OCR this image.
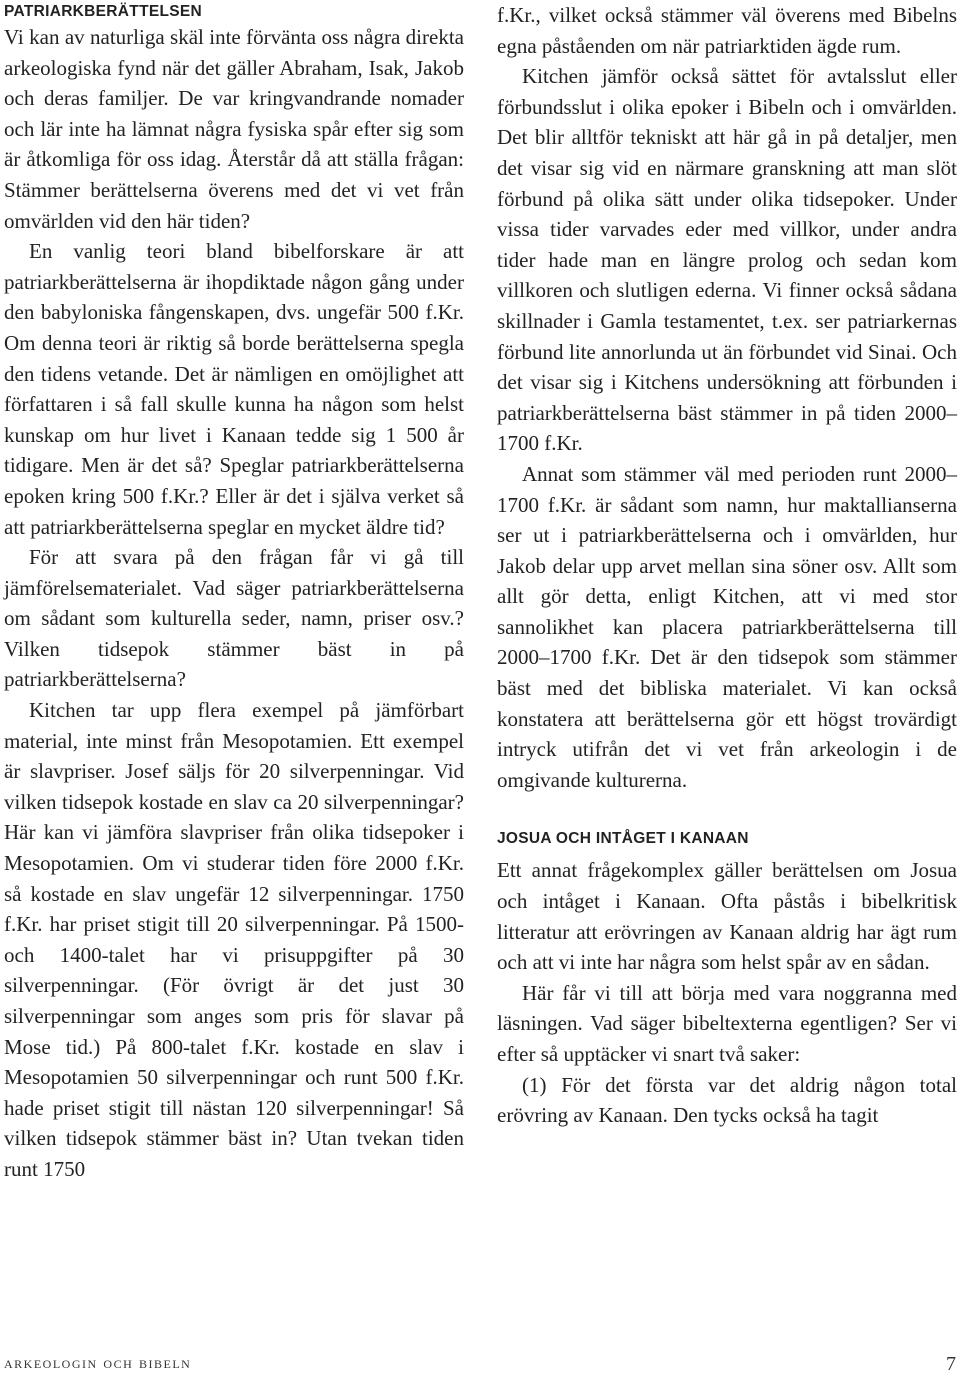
PATRIARKBERÄTTELSEN

Vi kan av naturliga skäl inte förvänta oss några direkta arkeologiska fynd när det gäller Abraham, Isak, Jakob och deras familjer. De var kringvandrande nomader och lär inte ha lämnat några fysiska spår efter sig som är åtkomliga för oss idag. Återstår då att ställa frågan: Stämmer berättelserna överens med det vi vet från omvärlden vid den här tiden?

En vanlig teori bland bibelforskare är att patriarkberättelserna är ihopdiktade någon gång under den babyloniska fångenskapen, dvs. ungefär 500 f.Kr. Om denna teori är riktig så borde berättelserna spegla den tidens vetande. Det är nämligen en omöjlighet att författaren i så fall skulle kunna ha någon som helst kunskap om hur livet i Kanaan tedde sig 1 500 år tidigare. Men är det så? Speglar patriarkberättelserna epoken kring 500 f.Kr.? Eller är det i själva verket så att patriarkberättelserna speglar en mycket äldre tid?

För att svara på den frågan får vi gå till jämförelsematerialet. Vad säger patriarkberättelserna om sådant som kulturella seder, namn, priser osv.? Vilken tidsepok stämmer bäst in på patriarkberättelserna?

Kitchen tar upp flera exempel på jämförbart material, inte minst från Mesopotamien. Ett exempel är slavpriser. Josef säljs för 20 silverpenningar. Vid vilken tidsepok kostade en slav ca 20 silverpenningar? Här kan vi jämföra slavpriser från olika tidsepoker i Mesopotamien. Om vi studerar tiden före 2000 f.Kr. så kostade en slav ungefär 12 silverpenningar. 1750 f.Kr. har priset stigit till 20 silverpenningar. På 1500- och 1400-talet har vi prisuppgifter på 30 silverpenningar. (För övrigt är det just 30 silverpenningar som anges som pris för slavar på Mose tid.) På 800-talet f.Kr. kostade en slav i Mesopotamien 50 silverpenningar och runt 500 f.Kr. hade priset stigit till nästan 120 silverpenningar! Så vilken tidsepok stämmer bäst in? Utan tvekan tiden runt 1750

f.Kr., vilket också stämmer väl överens med Bibelns egna påståenden om när patriarktiden ägde rum.

Kitchen jämför också sättet för avtalsslut eller förbundsslut i olika epoker i Bibeln och i omvärlden. Det blir alltför tekniskt att här gå in på detaljer, men det visar sig vid en närmare granskning att man slöt förbund på olika sätt under olika tidsepoker. Under vissa tider varvades eder med villkor, under andra tider hade man en längre prolog och sedan kom villkoren och slutligen ederna. Vi finner också sådana skillnader i Gamla testamentet, t.ex. ser patriarkernas förbund lite annorlunda ut än förbundet vid Sinai. Och det visar sig i Kitchens undersökning att förbunden i patriarkberättelserna bäst stämmer in på tiden 2000–1700 f.Kr.

Annat som stämmer väl med perioden runt 2000–1700 f.Kr. är sådant som namn, hur maktallianserna ser ut i patriarkberättelserna och i omvärlden, hur Jakob delar upp arvet mellan sina söner osv. Allt som allt gör detta, enligt Kitchen, att vi med stor sannolikhet kan placera patriarkberättelserna till 2000–1700 f.Kr. Det är den tidsepok som stämmer bäst med det bibliska materialet. Vi kan också konstatera att berättelserna gör ett högst trovärdigt intryck utifrån det vi vet från arkeologin i de omgivande kulturerna.

JOSUA OCH INTÅGET I KANAAN

Ett annat frågekomplex gäller berättelsen om Josua och intåget i Kanaan. Ofta påstås i bibelkritisk litteratur att erövringen av Kanaan aldrig har ägt rum och att vi inte har några som helst spår av en sådan.

Här får vi till att börja med vara noggranna med läsningen. Vad säger bibeltexterna egentligen? Ser vi efter så upptäcker vi snart två saker:

(1) För det första var det aldrig någon total erövring av Kanaan. Den tycks också ha tagit

arkeologin och bibeln	7
